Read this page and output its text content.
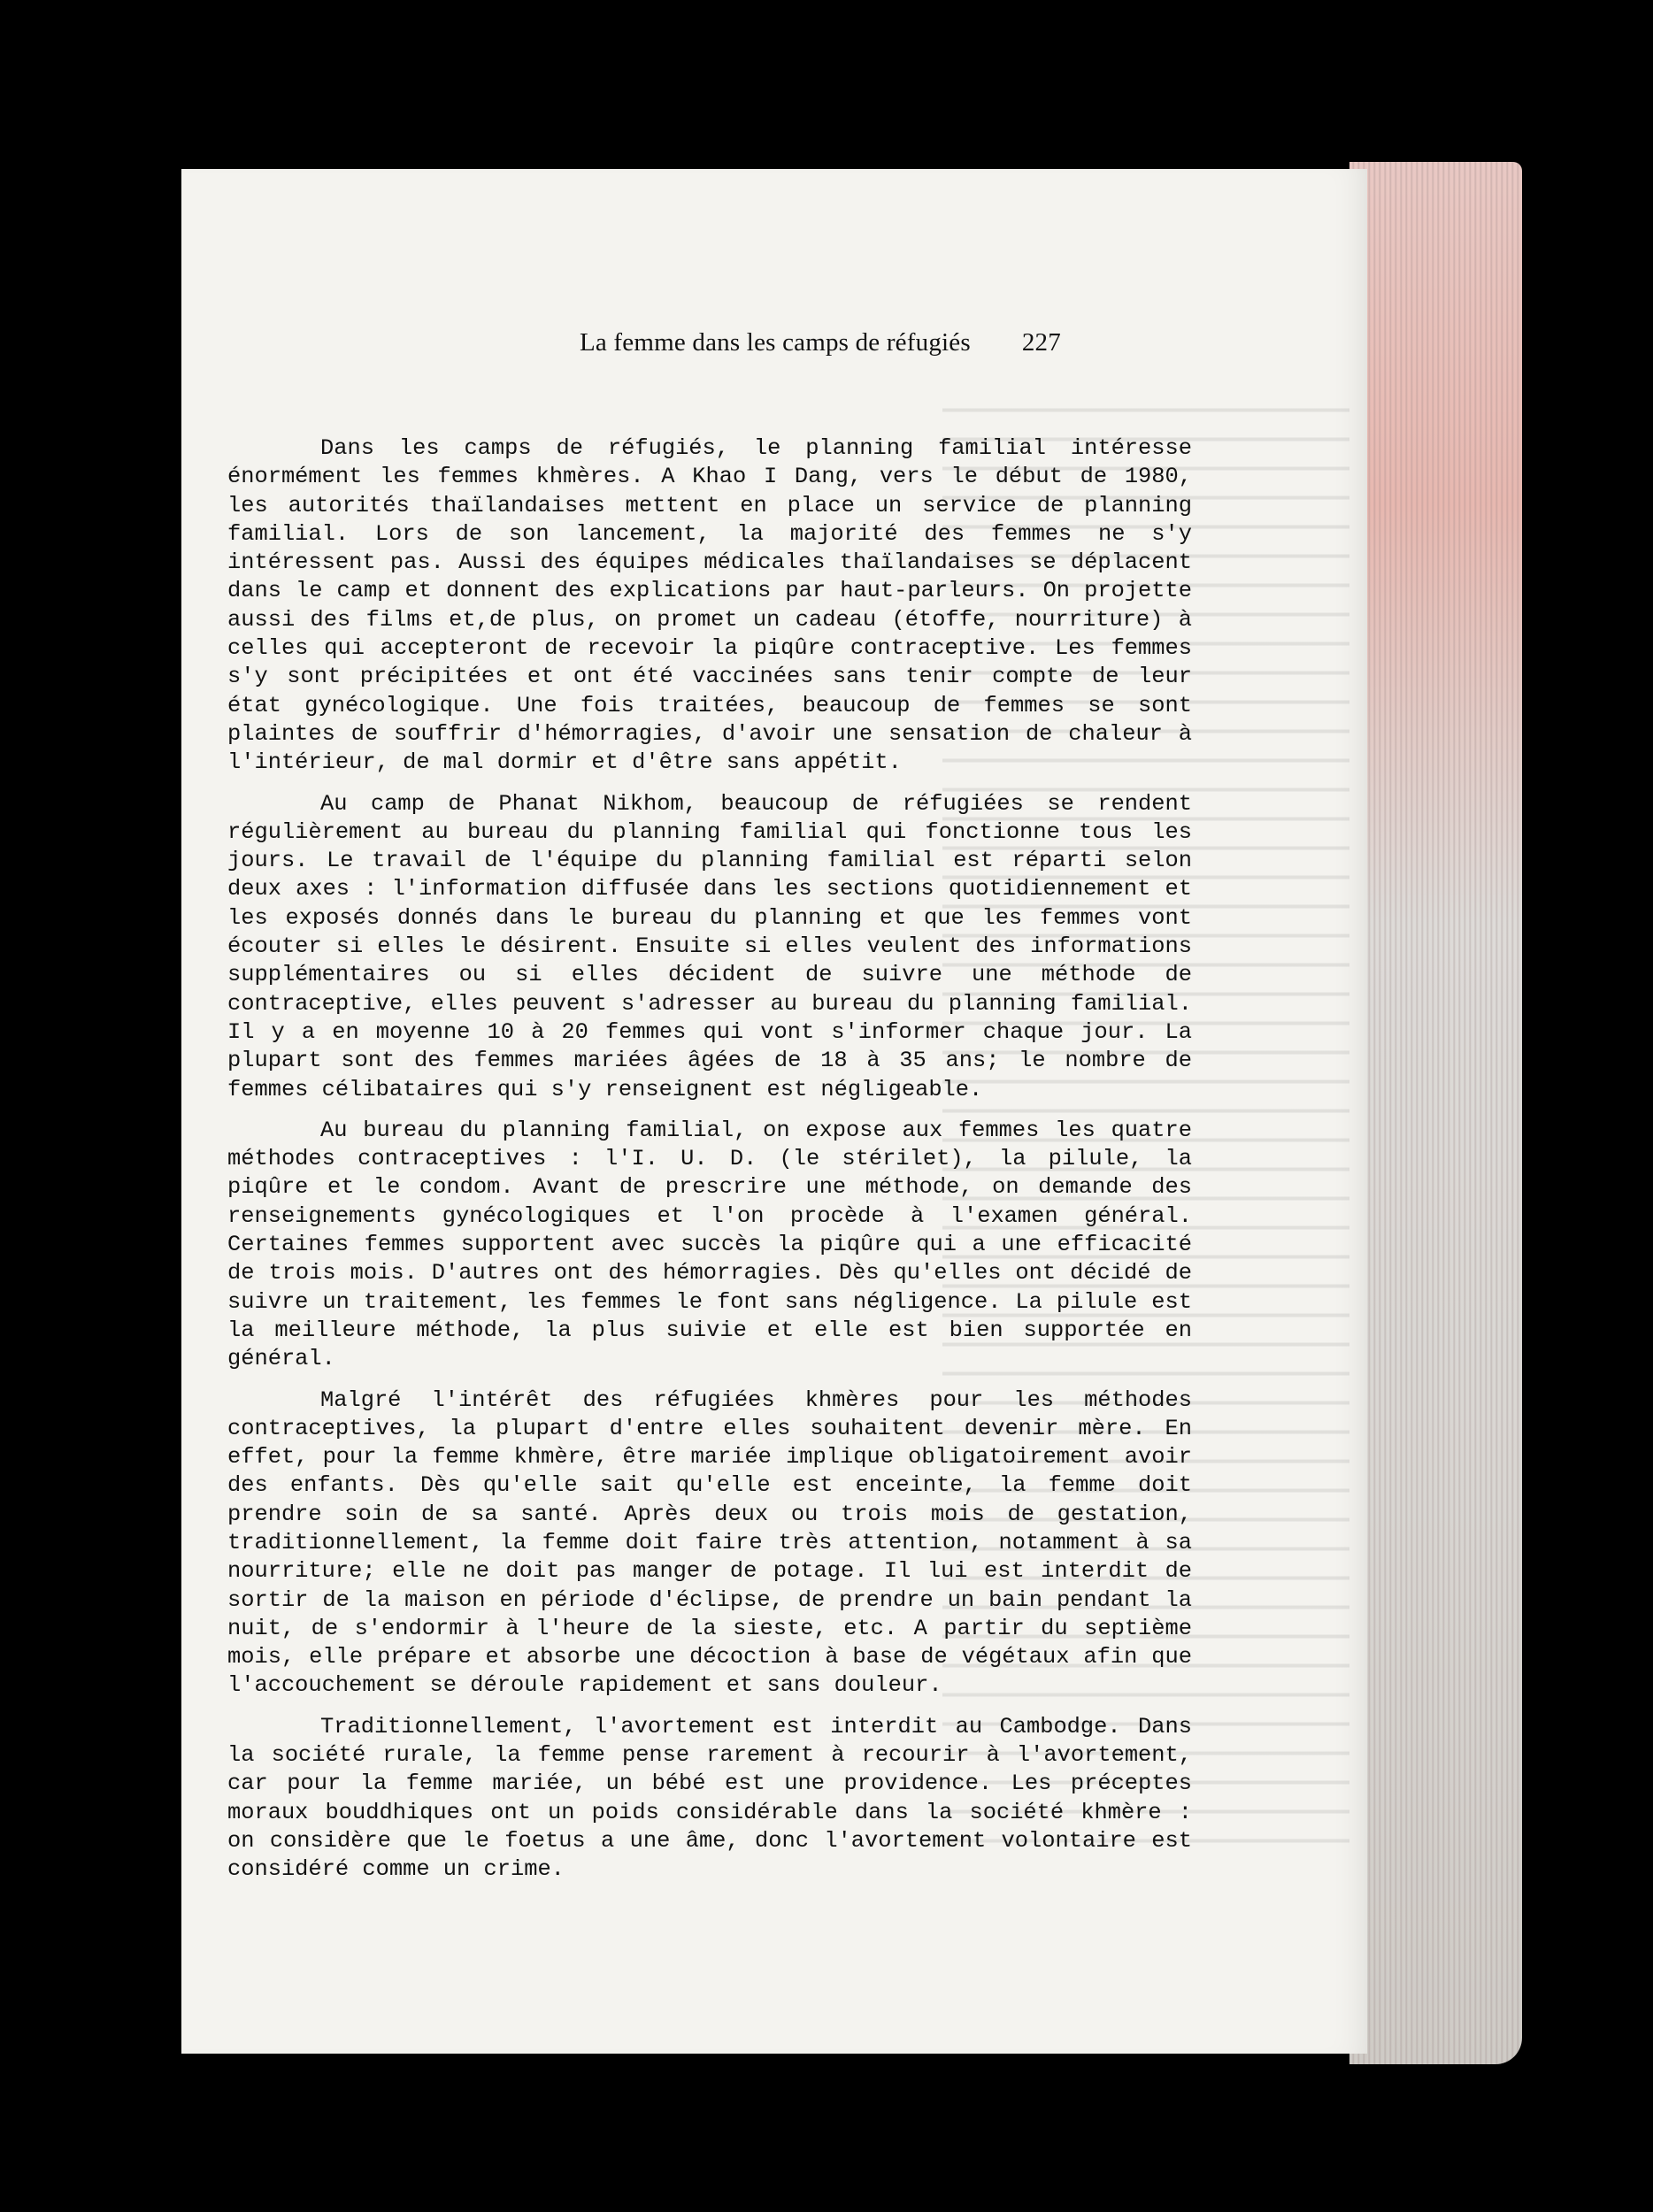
La femme dans les camps de réfugiés 227

Dans les camps de réfugiés, le planning familial intéresse énormément les femmes khmères. A Khao I Dang, vers le début de 1980, les autorités thaïlandaises mettent en place un service de planning familial. Lors de son lancement, la majorité des femmes ne s'y intéressent pas. Aussi des équipes médicales thaïlandaises se déplacent dans le camp et donnent des explications par haut-parleurs. On projette aussi des films et,de plus, on promet un cadeau (étoffe, nourriture) à celles qui accepteront de recevoir la piqûre contraceptive. Les femmes s'y sont précipitées et ont été vaccinées sans tenir compte de leur état gynécologique. Une fois traitées, beaucoup de femmes se sont plaintes de souffrir d'hémorragies, d'avoir une sensation de chaleur à l'intérieur, de mal dormir et d'être sans appétit.

Au camp de Phanat Nikhom, beaucoup de réfugiées se rendent régulièrement au bureau du planning familial qui fonctionne tous les jours. Le travail de l'équipe du planning familial est réparti selon deux axes : l'information diffusée dans les sections quotidiennement et les exposés donnés dans le bureau du planning et que les femmes vont écouter si elles le désirent. Ensuite si elles veulent des informations supplémentaires ou si elles décident de suivre une méthode de contraceptive, elles peuvent s'adresser au bureau du planning familial. Il y a en moyenne 10 à 20 femmes qui vont s'informer chaque jour. La plupart sont des femmes mariées âgées de 18 à 35 ans; le nombre de femmes célibataires qui s'y renseignent est négligeable.

Au bureau du planning familial, on expose aux femmes les quatre méthodes contraceptives : l'I. U. D. (le stérilet), la pilule, la piqûre et le condom. Avant de prescrire une méthode, on demande des renseignements gynécologiques et l'on procède à l'examen général. Certaines femmes supportent avec succès la piqûre qui a une efficacité de trois mois. D'autres ont des hémorragies. Dès qu'elles ont décidé de suivre un traitement, les femmes le font sans négligence. La pilule est la meilleure méthode, la plus suivie et elle est bien supportée en général.

Malgré l'intérêt des réfugiées khmères pour les méthodes contraceptives, la plupart d'entre elles souhaitent devenir mère. En effet, pour la femme khmère, être mariée implique obligatoirement avoir des enfants. Dès qu'elle sait qu'elle est enceinte, la femme doit prendre soin de sa santé. Après deux ou trois mois de gestation, traditionnellement, la femme doit faire très attention, notamment à sa nourriture; elle ne doit pas manger de potage. Il lui est interdit de sortir de la maison en période d'éclipse, de prendre un bain pendant la nuit, de s'endormir à l'heure de la sieste, etc. A partir du septième mois, elle prépare et absorbe une décoction à base de végétaux afin que l'accouchement se déroule rapidement et sans douleur.

Traditionnellement, l'avortement est interdit au Cambodge. Dans la société rurale, la femme pense rarement à recourir à l'avortement, car pour la femme mariée, un bébé est une providence. Les préceptes moraux bouddhiques ont un poids considérable dans la société khmère : on considère que le foetus a une âme, donc l'avortement volontaire est considéré comme un crime.
